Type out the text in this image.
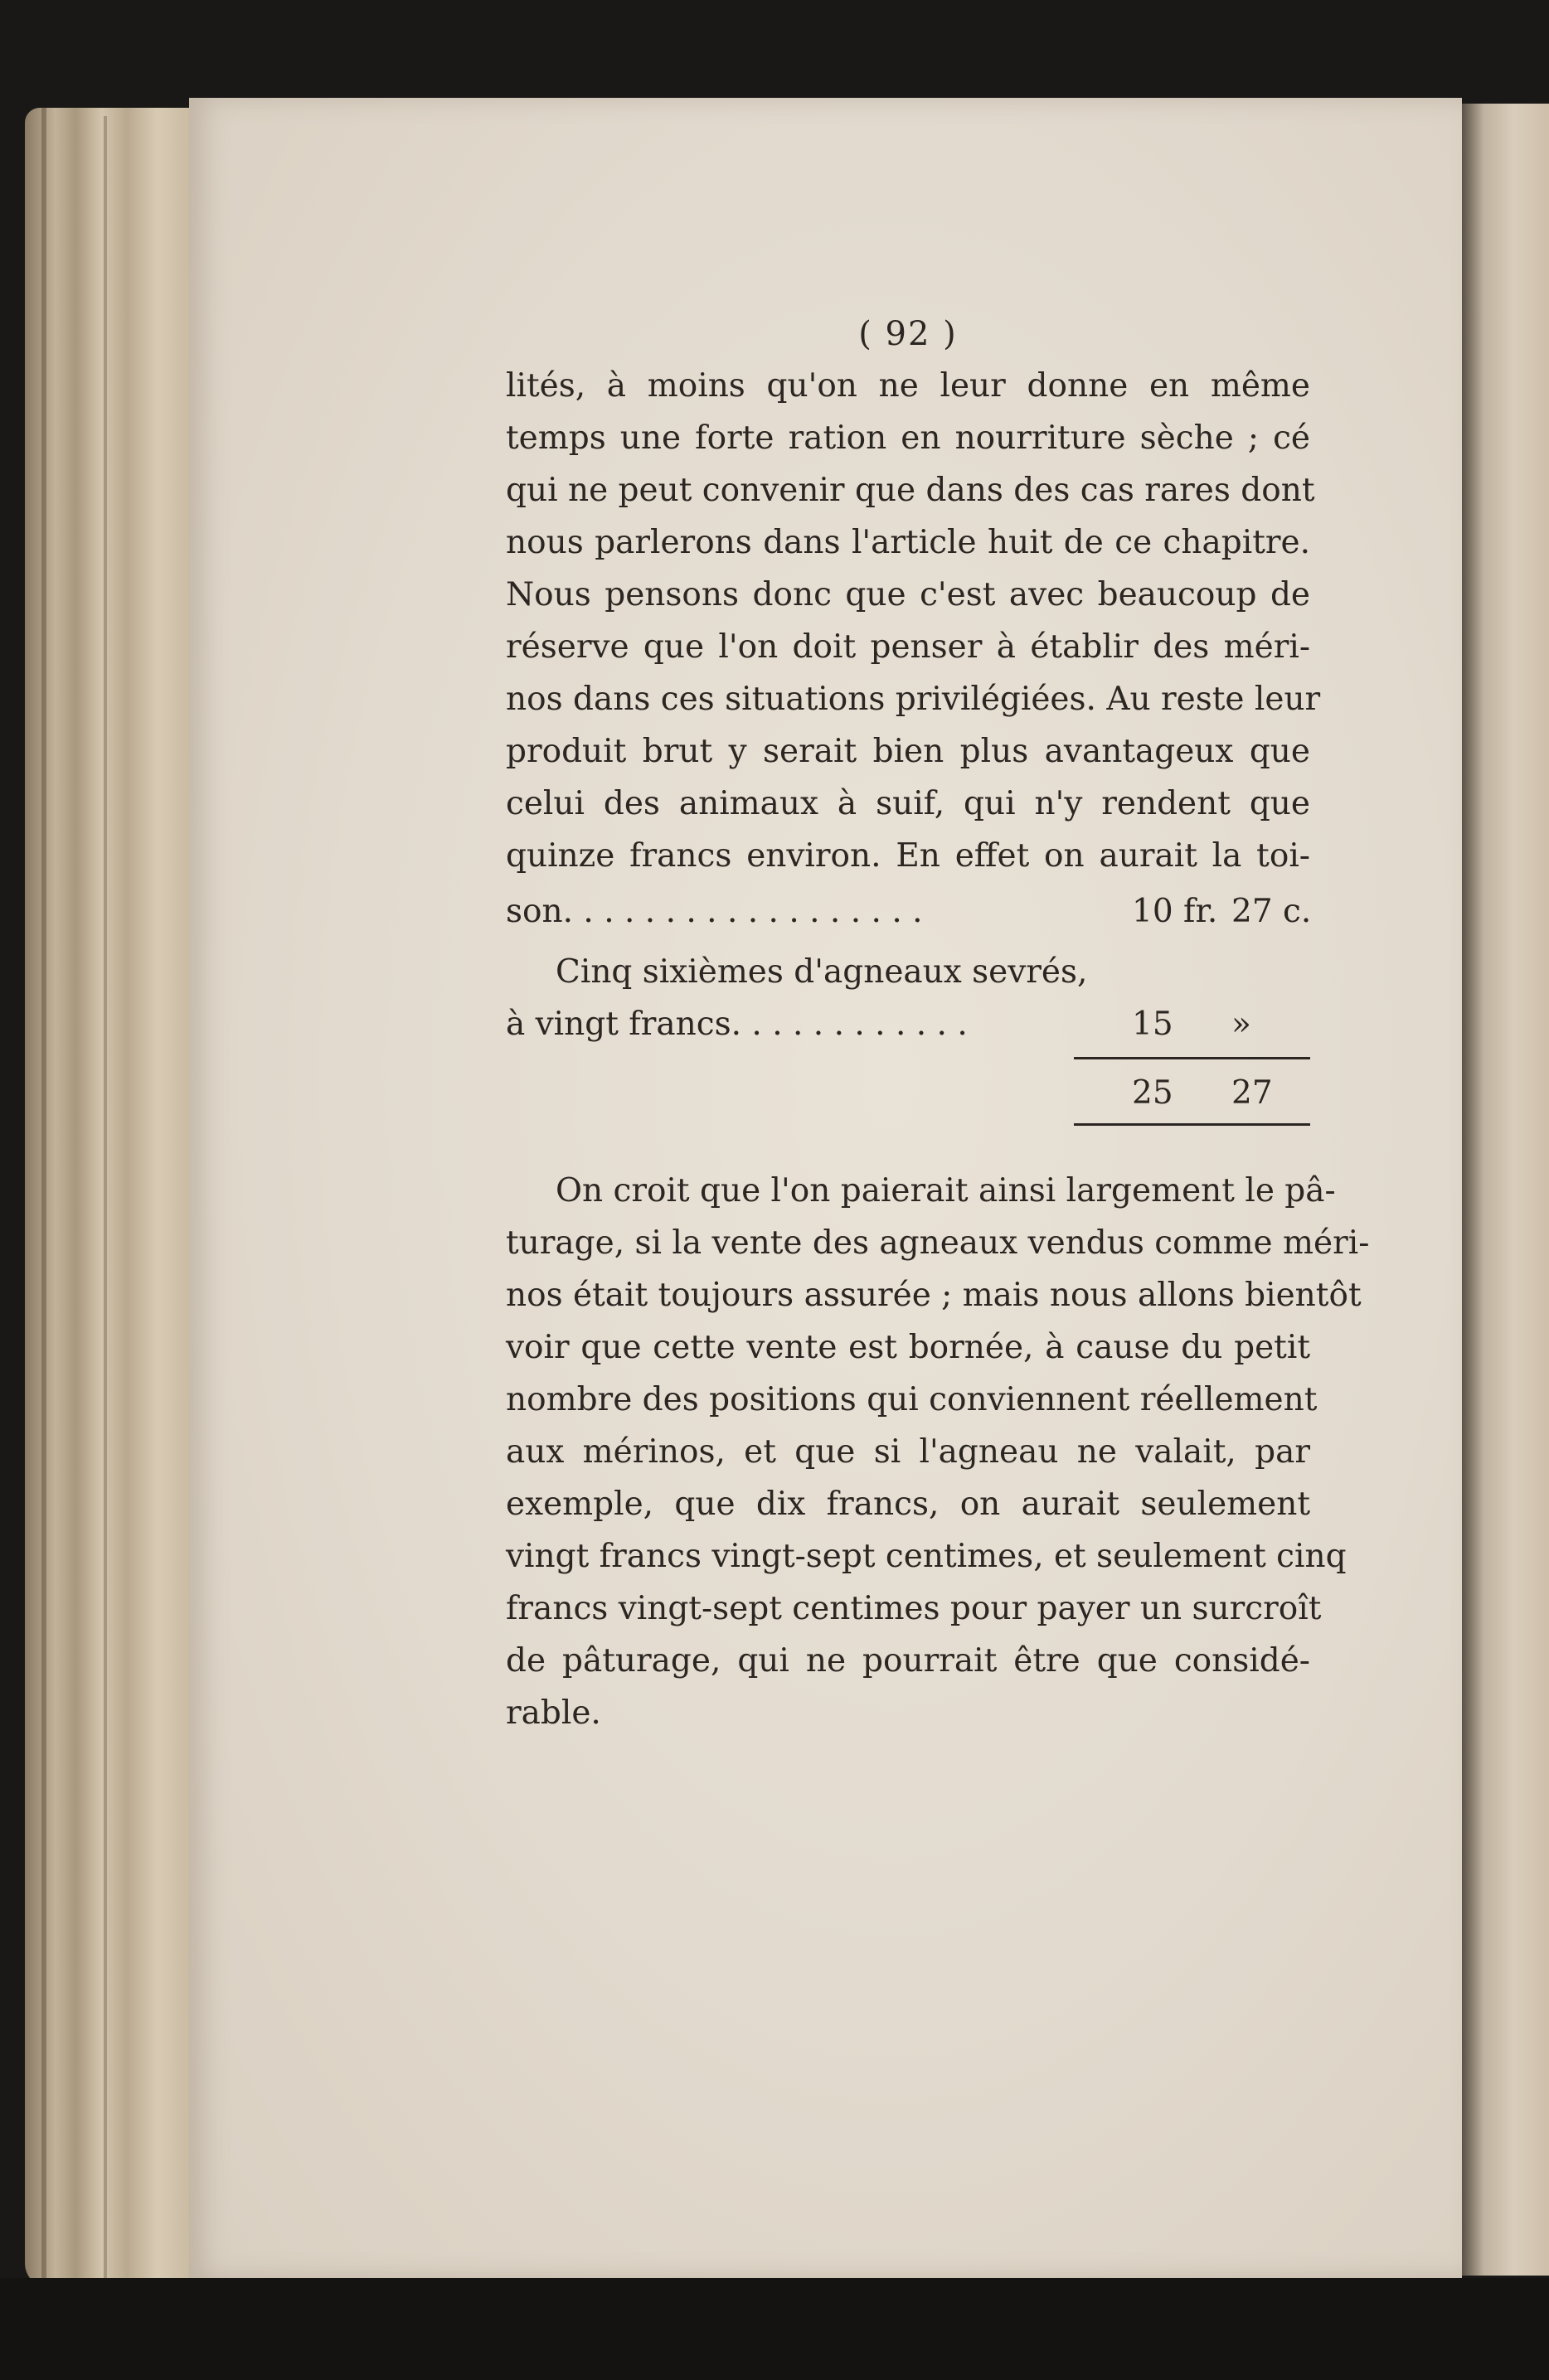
( 92 )
lités, à moins qu'on ne leur donne en même
temps une forte ration en nourriture sèche ; cé
qui ne peut convenir que dans des cas rares dont
nous parlerons dans l'article huit de ce chapitre.
Nous pensons donc que c'est avec beaucoup de
réserve que l'on doit penser à établir des méri-
nos dans ces situations privilégiées. Au reste leur
produit brut y serait bien plus avantageux que
celui des animaux à suif, qui n'y rendent que
quinze francs environ. En effet on aurait la toi-
son. . . . . . . . . . . . . . . . . .	10 fr. 27 c.
Cinq sixièmes d'agneaux sevrés,
à vingt francs. . . . . . . . . . . .	15	»
25	27
On croit que l'on paierait ainsi largement le pâ-
turage, si la vente des agneaux vendus comme méri-
nos était toujours assurée ; mais nous allons bientôt
voir que cette vente est bornée, à cause du petit
nombre des positions qui conviennent réellement
aux mérinos, et que si l'agneau ne valait, par
exemple, que dix francs, on aurait seulement
vingt francs vingt-sept centimes, et seulement cinq
francs vingt-sept centimes pour payer un surcroît
de pâturage, qui ne pourrait être que considé-
rable.
